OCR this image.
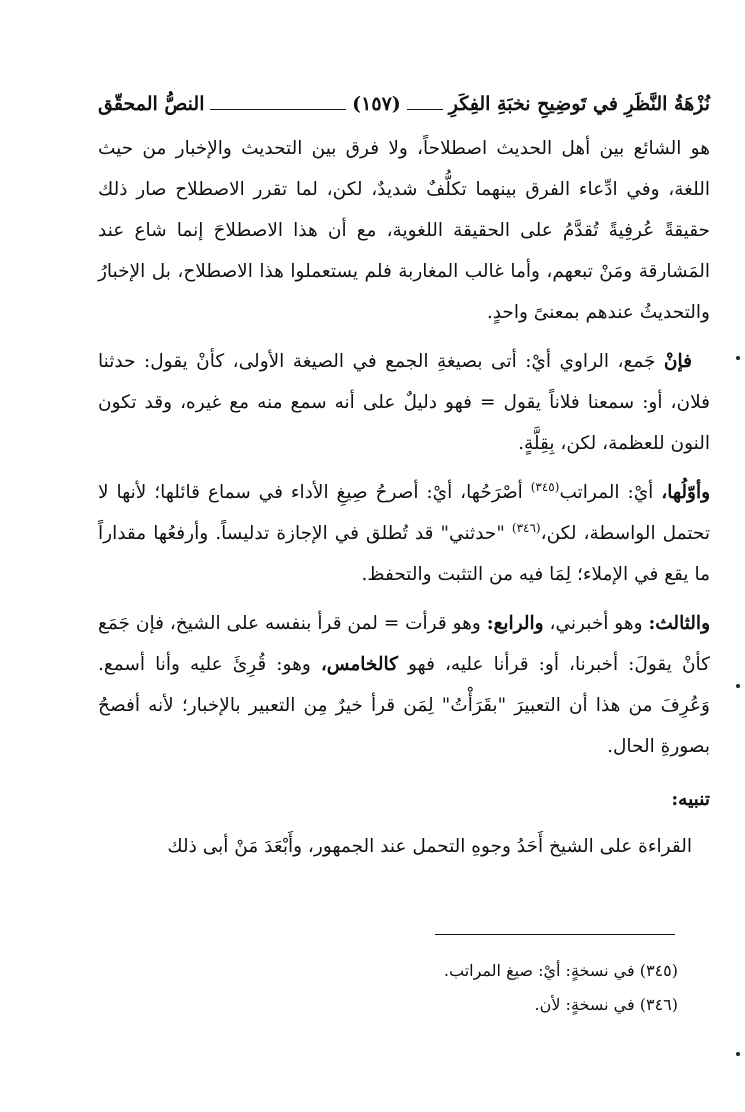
نُزْهَةُ النَّظَرِ في تَوضِيحِ نخبَةِ الفِكَرِ
(١٥٧)
النصُّ المحقّق

هو الشائع بين أهل الحديث اصطلاحاً، ولا فرق بين التحديث والإخبار من حيث اللغة، وفي ادِّعاء الفرق بينهما تكلُّفٌ شديدٌ، لكن، لما تقرر الاصطلاح صار ذلك حقيقةً عُرفِيةً تُقدَّمُ على الحقيقة اللغوية، مع أن هذا الاصطلاحَ إنما شاع عند المَشارقة ومَنْ تبعهم، وأما غالب المغاربة فلم يستعملوا هذا الاصطلاح، بل الإخبارُ والتحديثُ عندهم بمعنىً واحدٍ.

فإنْ جَمع، الراوي أيْ: أتى بصيغةِ الجمع في الصيغة الأولى، كأنْ يقول: حدثنا فلان، أو: سمعنا فلاناً يقول = فهو دليلٌ على أنه سمع منه مع غيره، وقد تكون النون للعظمة، لكن، بِقِلَّةٍ.

وأوّلُها، أيْ: المراتب$^{(٣٤٥)}$ أصْرَحُها، أيْ: أصرحُ صِيغِ الأداء في سماع قائلها؛ لأنها لا تحتمل الواسطة، لكن،$^{(٣٤٦)}$ "حدثني" قد تُطلق في الإجازة تدليساً. وأرفعُها مقداراً ما يقع في الإملاء؛ لِمَا فيه من التثبت والتحفظ.

والثالث: وهو أخبرني، والرابع: وهو قرأت = لمن قرأ بنفسه على الشيخ، فإن جَمَع كأنْ يقولَ: أخبرنا، أو: قرأنا عليه، فهو كالخامس، وهو: قُرِئَ عليه وأنا أسمع. وَعُرِفَ من هذا أن التعبيرَ "بقَرَأْتُ" لِمَن قرأ خيرٌ مِن التعبير بالإخبار؛ لأنه أفصحُ بصورةِ الحال.

تنبيه:

القراءة على الشيخ أَحَدُ وجوهِ التحمل عند الجمهور، وأَبْعَدَ مَنْ أبى ذلك

(٣٤٥) في نسخةٍ: أيْ: صيغ المراتب.

(٣٤٦) في نسخةٍ: لأن.
